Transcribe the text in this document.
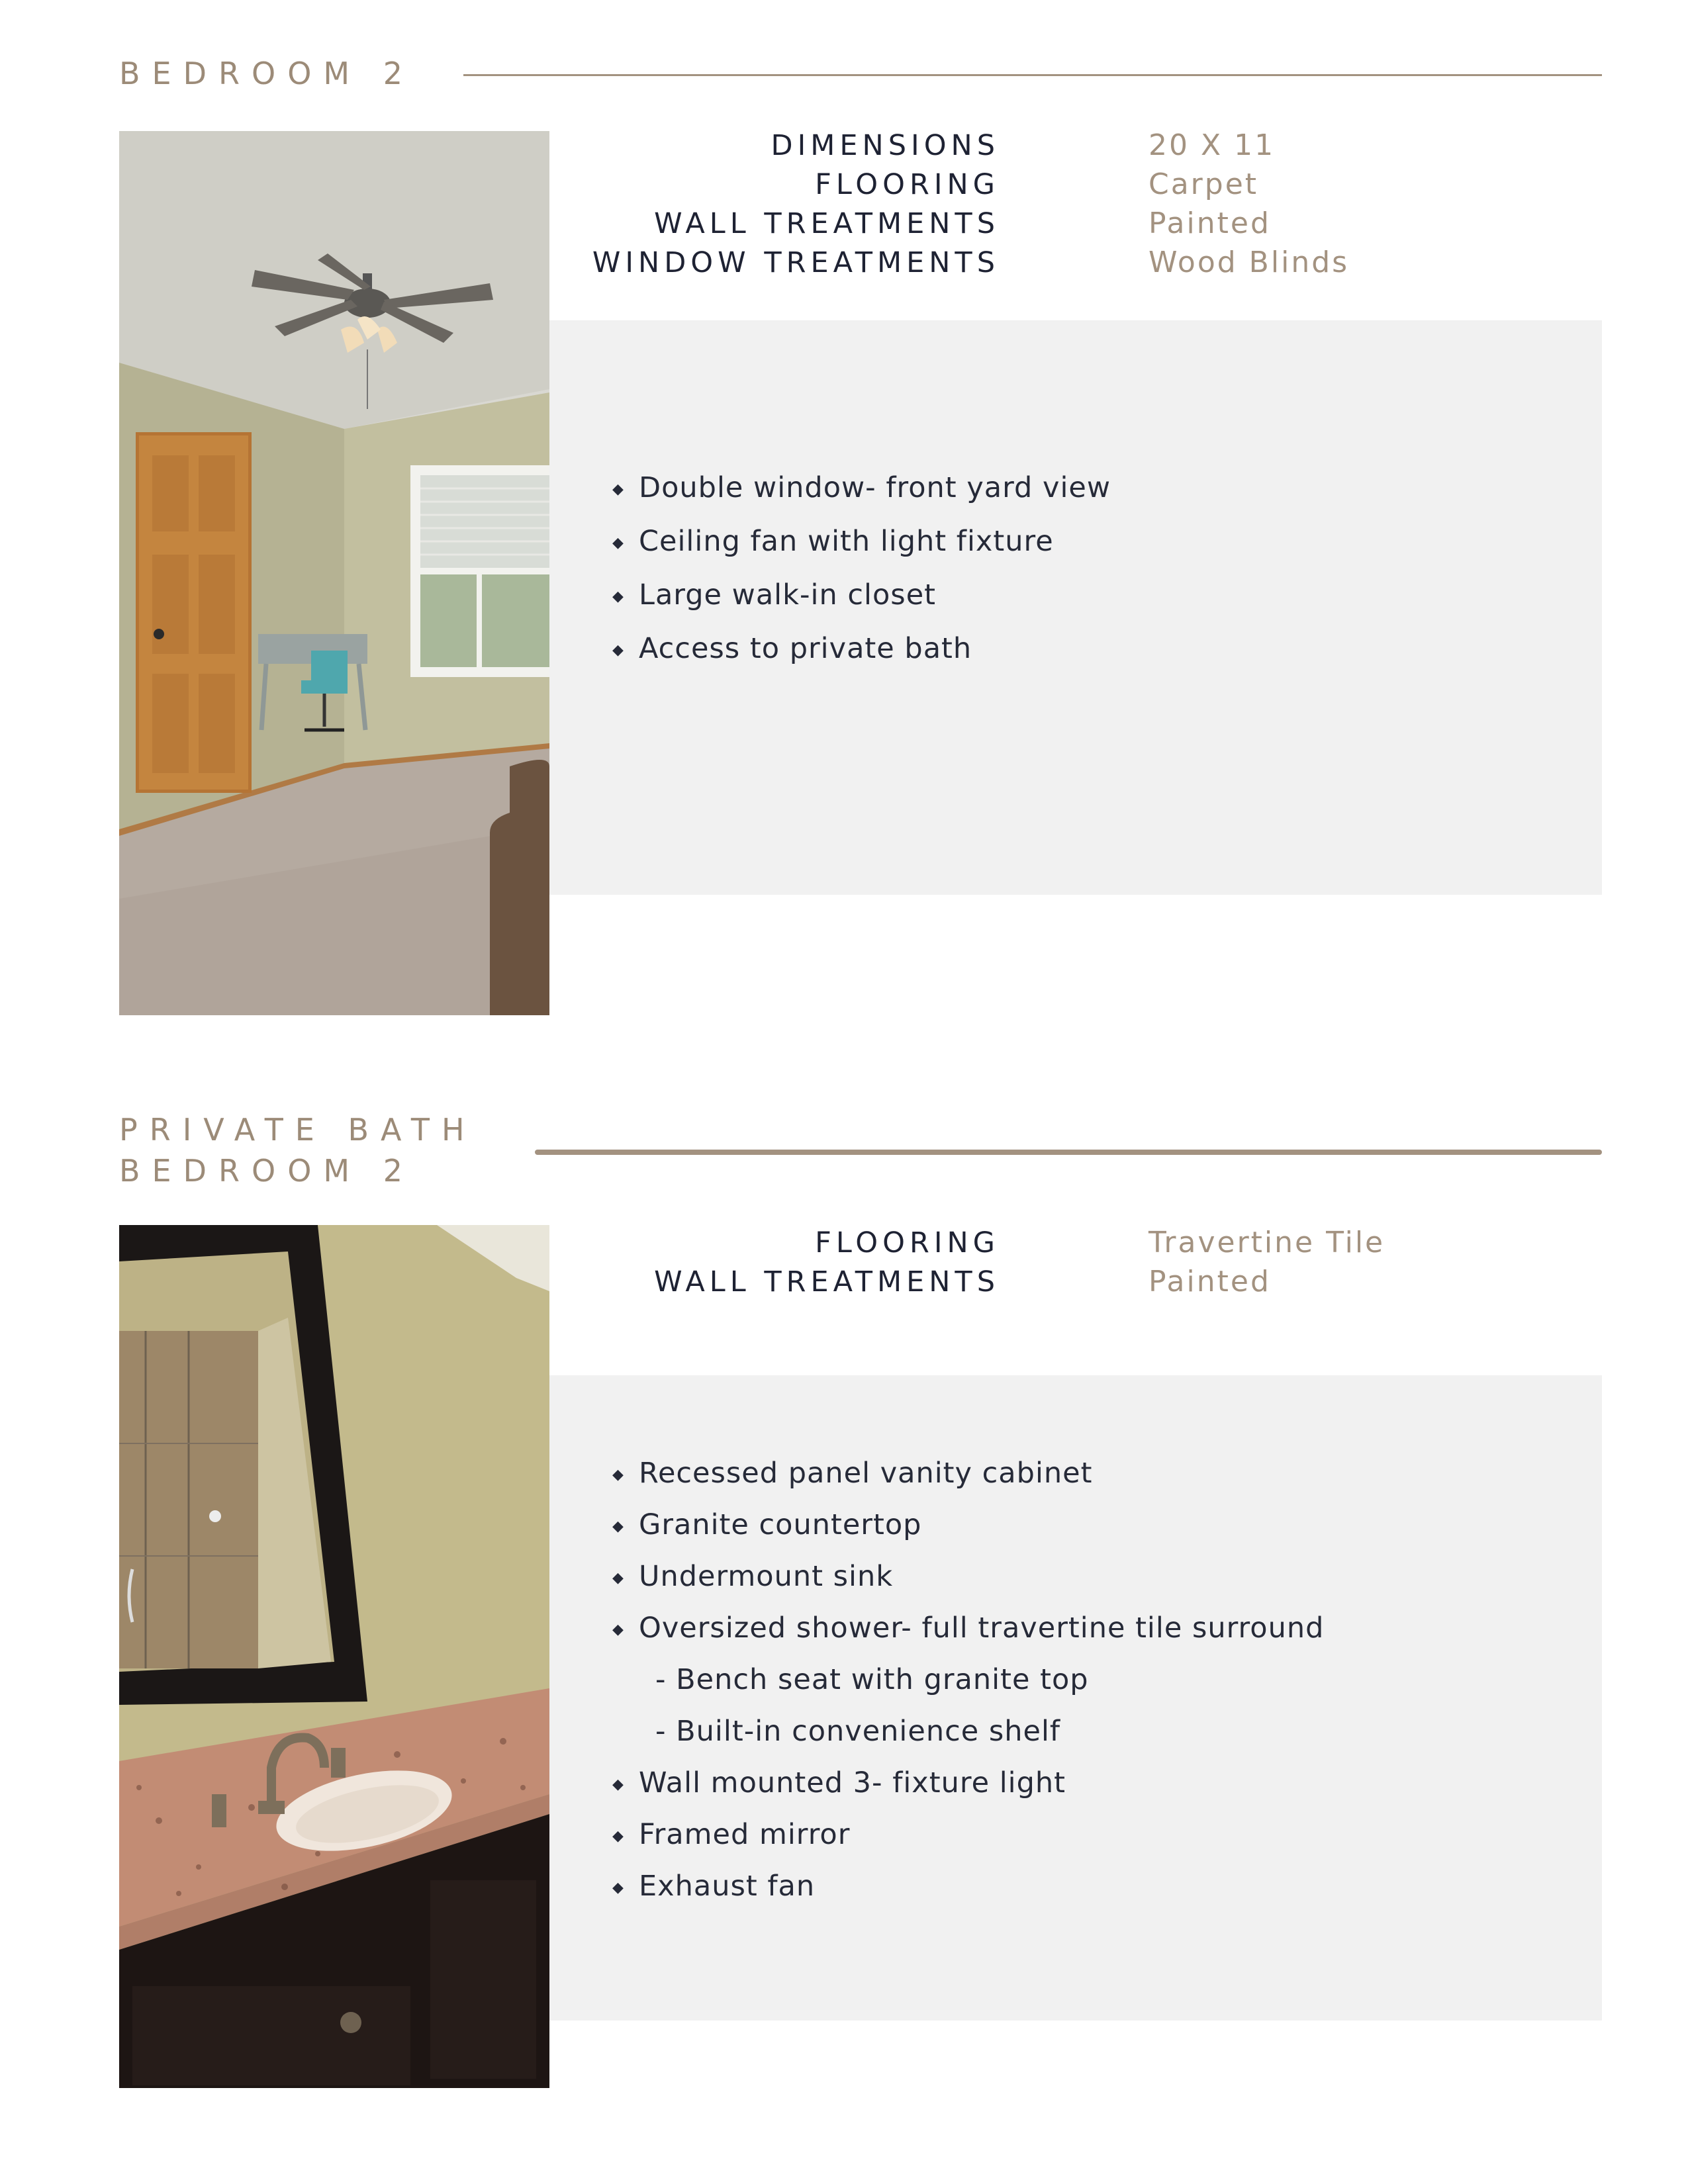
BEDROOM 2
DIMENSIONS	20 X 11
FLOORING	Carpet
WALL TREATMENTS	Painted
WINDOW TREATMENTS	Wood Blinds
◆ Double window- front yard view
◆ Ceiling fan with light fixture
◆ Large walk-in closet
◆ Access to private bath
PRIVATE BATH
BEDROOM 2
FLOORING	Travertine Tile
WALL TREATMENTS	Painted
◆ Recessed panel vanity cabinet
◆ Granite countertop
◆ Undermount sink
◆ Oversized shower- full travertine tile surround
- Bench seat with granite top
- Built-in convenience shelf
◆ Wall mounted 3- fixture light
◆ Framed mirror
◆ Exhaust fan
